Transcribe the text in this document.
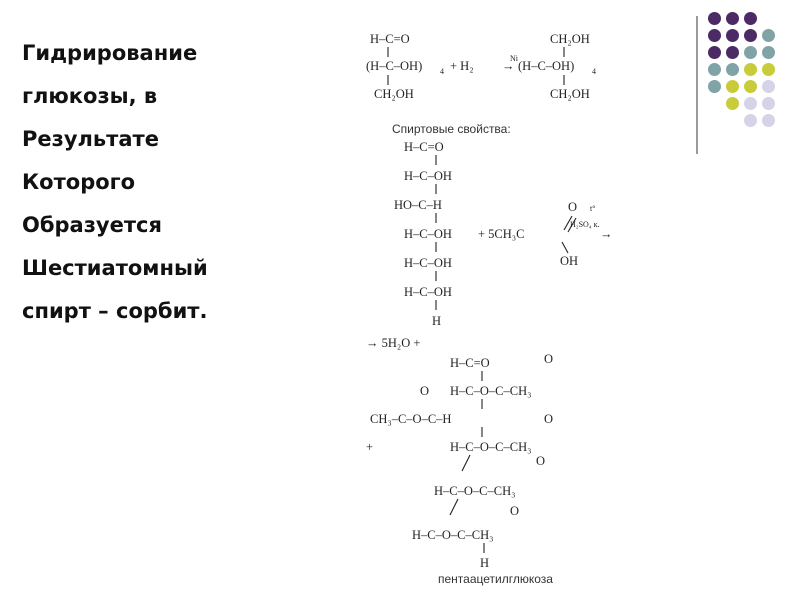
Гидрирование
глюкозы, в
Результате
Которого
Образуется
Шестиатомный
спирт – сорбит.
H–C=O
(H–C–OH) 4
CH₂OH
+ H₂
Ni
→
CH₂OH
(H–C–OH) 4
CH₂OH
Спиртовые свойства:
H–C=O
H–C–OH
HO–C–H
H–C–OH
H–C–OH
H–C–OH
H
+ 5CH₃C
O
OH
t°
H₂SO₄ к.
→
→ 5H₂O +
H–C=O	O
H–C–O–C–CH₃
O
CH₃–C–O–C–H	O
+	H–C–O–C–CH₃
O
H–C–O–C–CH₃
O
H–C–O–C–CH₃
H
пентаацетилглюкоза
